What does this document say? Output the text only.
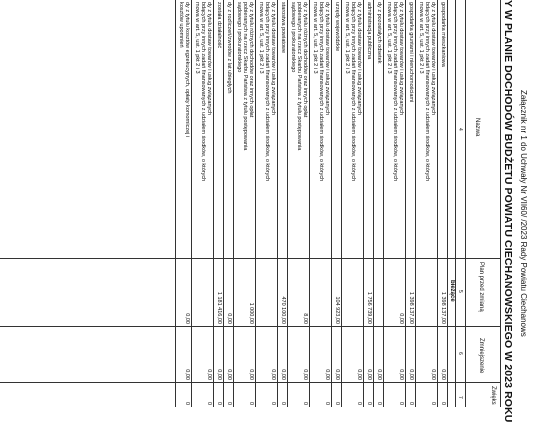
Załącznik nr 1 do Uchwały Nr VII60/ /2023 Rady Powiatu Ciechanows
Y W PLANIE DOCHODÓW BUDŻETU POWIATU CIECHANOWSKIEGO W 2023 ROKU
Nazwa
Plan przed zmianą
Zmniejszenie
Zwięks
4
5
6
7
bieżące
gospodarka mieszkaniowa
1 398 137,00
0,00
0
dy z tytułu dostaw towarów i usług związanych
bdących przy innych zadań finansowanych z udziałem środków, o których
mowa w art. 5, ust. 1 pkt 2 i 3
0,00
0
gospodarka gruntami i nieruchomościami
1 398 137,00
0,00
0
dy z tytułu dostaw towarów i usług związanych
bdących przy innych zadań finansowanych z udziałem środków, o których
mowa w art. 5, ust. 1 pkt 2 i 3
0,00
0,00
0
dy z pozostałych odsetek
0,00
0
administracja publiczna
1 756 739,00
0,00
0
dy z tytułu dostaw towarów i usług związanych
bdących przy innych zadań finansowanych z udziałem środków, o których
mowa w art. 5, ust. 1 pkt 2 i 3
0,00
0
urzędy wojewódzkie
104 923,00
0,00
0
dy z tytułu dostaw towarów i usług związanych
bdących przy innych zadań finansowanych z udziałem środków, o których
mowa w art. 5, ust. 1 pkt 2 i 3
0,00
0
dy z tytułu różnych dochodów oraz innych opłat
pobieranych na rzecz Skarbu Państwa z tytułu postępowania
sądowego i prokuratorskiego
8,00
0,00
0
starostwa powiatowe
470 100,00
0,00
0
dy z tytułu dostaw towarów i usług związanych
bdących przy innych zadań finansowanych z udziałem środków, o których
mowa w art. 5, ust. 1 pkt 2 i 3
0,00
0
dy z tytułu różnych dochodów oraz innych opłat
pobieranych na rzecz Skarbu Państwa z tytułu postępowania
sądowego i prokuratorskiego
1 000,00
0,00
0
dy z rozliczeń/zwrotów z lat ubiegłych
0,00
0,00
0
została działalność
1 181 416,00
0,00
0
dy z tytułu dostaw towarów i usług związanych
bdących przy innych zadań finansowanych z udziałem środków, o których
mowa w art. 5, ust. 1 pkt 2 i 3
0,00
0
dy z tytułu kosztów egzekucyjnych, opłaty komorniczej i
kosztów upomnień
0,00
0,00
0
